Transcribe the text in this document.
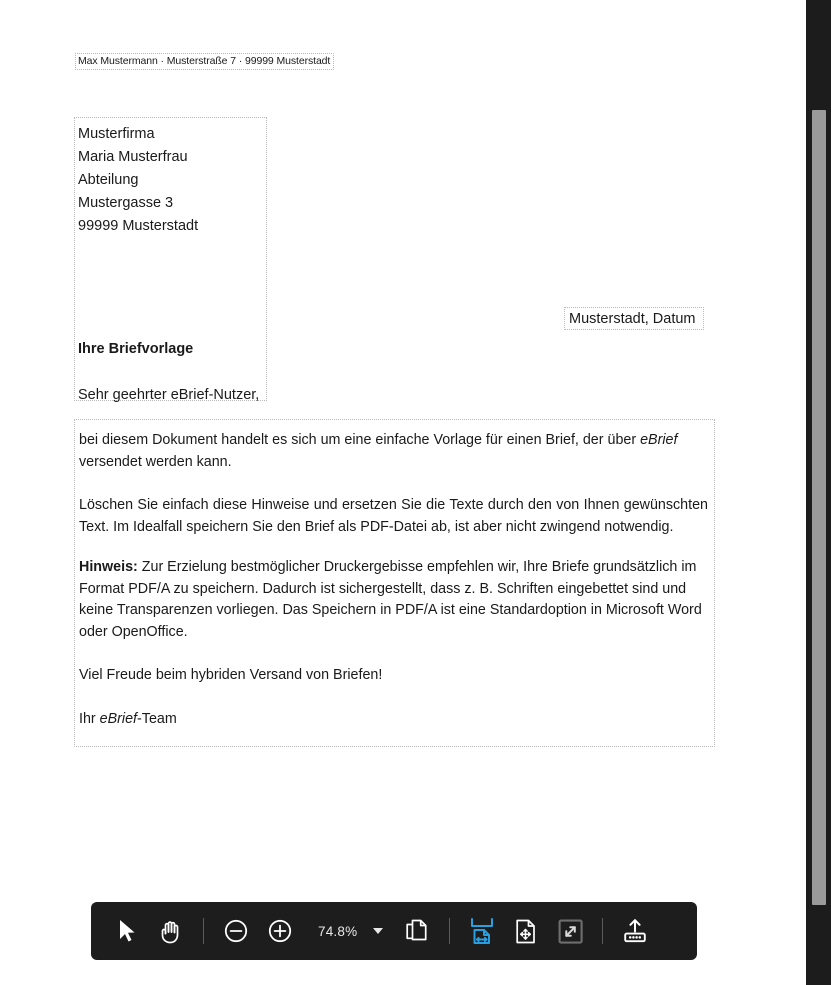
Max Mustermann · Musterstraße 7 · 99999 Musterstadt
Musterfirma
Maria Musterfrau
Abteilung
Mustergasse 3
99999 Musterstadt
Ihre Briefvorlage
Sehr geehrter eBrief-Nutzer,
Musterstadt, Datum

bei diesem Dokument handelt es sich um eine einfache Vorlage für einen Brief, der über eBrief versendet werden kann.

Löschen Sie einfach diese Hinweise und ersetzen Sie die Texte durch den von Ihnen gewünschten Text. Im Idealfall speichern Sie den Brief als PDF-Datei ab, ist aber nicht zwingend notwendig.

Hinweis: Zur Erzielung bestmöglicher Druckergebisse empfehlen wir, Ihre Briefe grundsätzlich im Format PDF/A zu speichern. Dadurch ist sichergestellt, dass z. B. Schriften eingebettet sind und keine Transparenzen vorliegen. Das Speichern in PDF/A ist eine Standardoption in Microsoft Word oder OpenOffice.

Viel Freude beim hybriden Versand von Briefen!

Ihr eBrief-Team

74.8%
